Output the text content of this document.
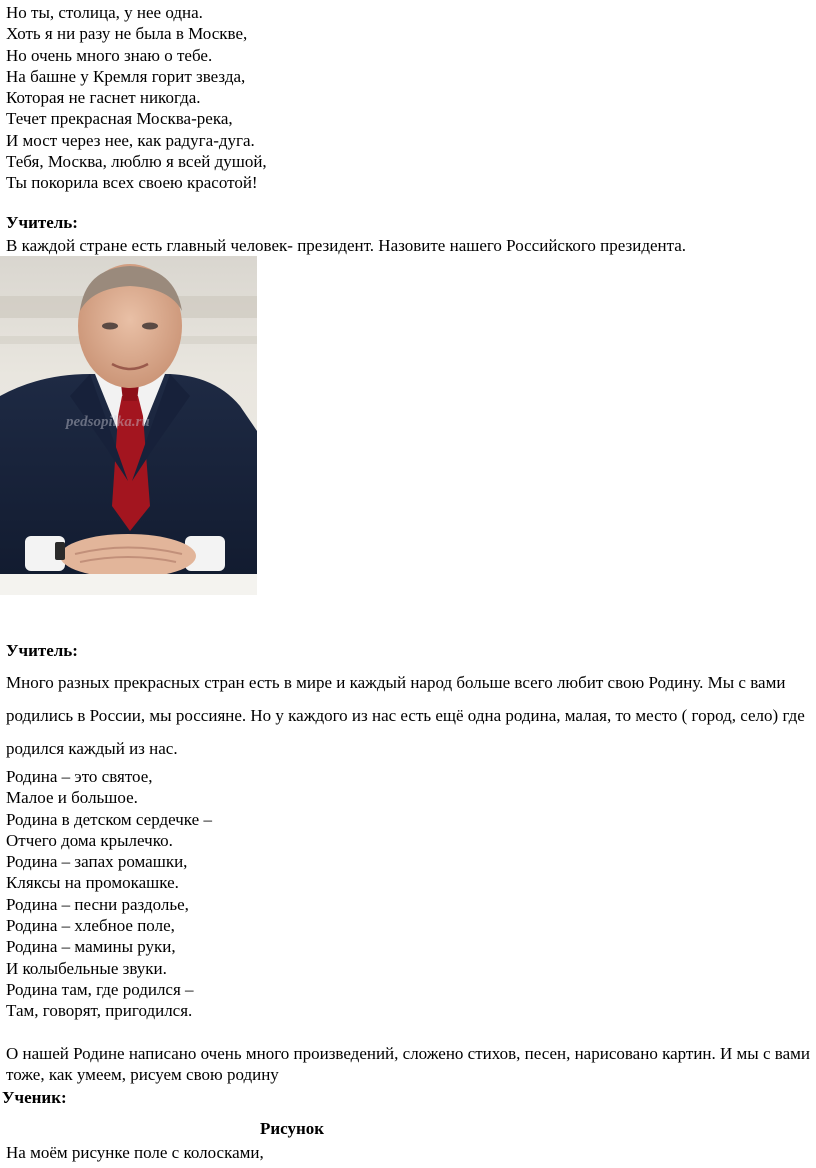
Но ты, столица, у нее одна.
Хоть я ни разу не была в Москве,
Но очень много знаю о тебе.
На башне у Кремля горит звезда,
Которая не гаснет никогда.
Течет прекрасная Москва-река,
И мост через нее, как радуга-дуга.
Тебя, Москва, люблю я всей душой,
Ты покорила всех своею красотой!
Учитель:
В каждой стране есть главный человек- президент. Назовите нашего Российского президента.
pedsopilka.ru
Учитель:
Много разных прекрасных стран есть в мире и каждый народ больше всего любит свою Родину. Мы с вами родились в России, мы россияне. Но у каждого из нас есть ещё одна родина, малая, то место ( город, село) где родился каждый из нас.
Родина – это святое,
Малое и большое.
Родина в детском сердечке –
Отчего дома крылечко.
Родина – запах ромашки,
Кляксы на промокашке.
Родина – песни раздолье,
Родина – хлебное поле,
Родина – мамины руки,
И колыбельные звуки.
Родина там, где родился –
Там, говорят, пригодился.
О нашей Родине написано очень много произведений, сложено стихов, песен, нарисовано картин. И мы с вами тоже, как умеем, рисуем свою родину
Ученик:
Рисунок
На моём рисунке поле с колосками,
